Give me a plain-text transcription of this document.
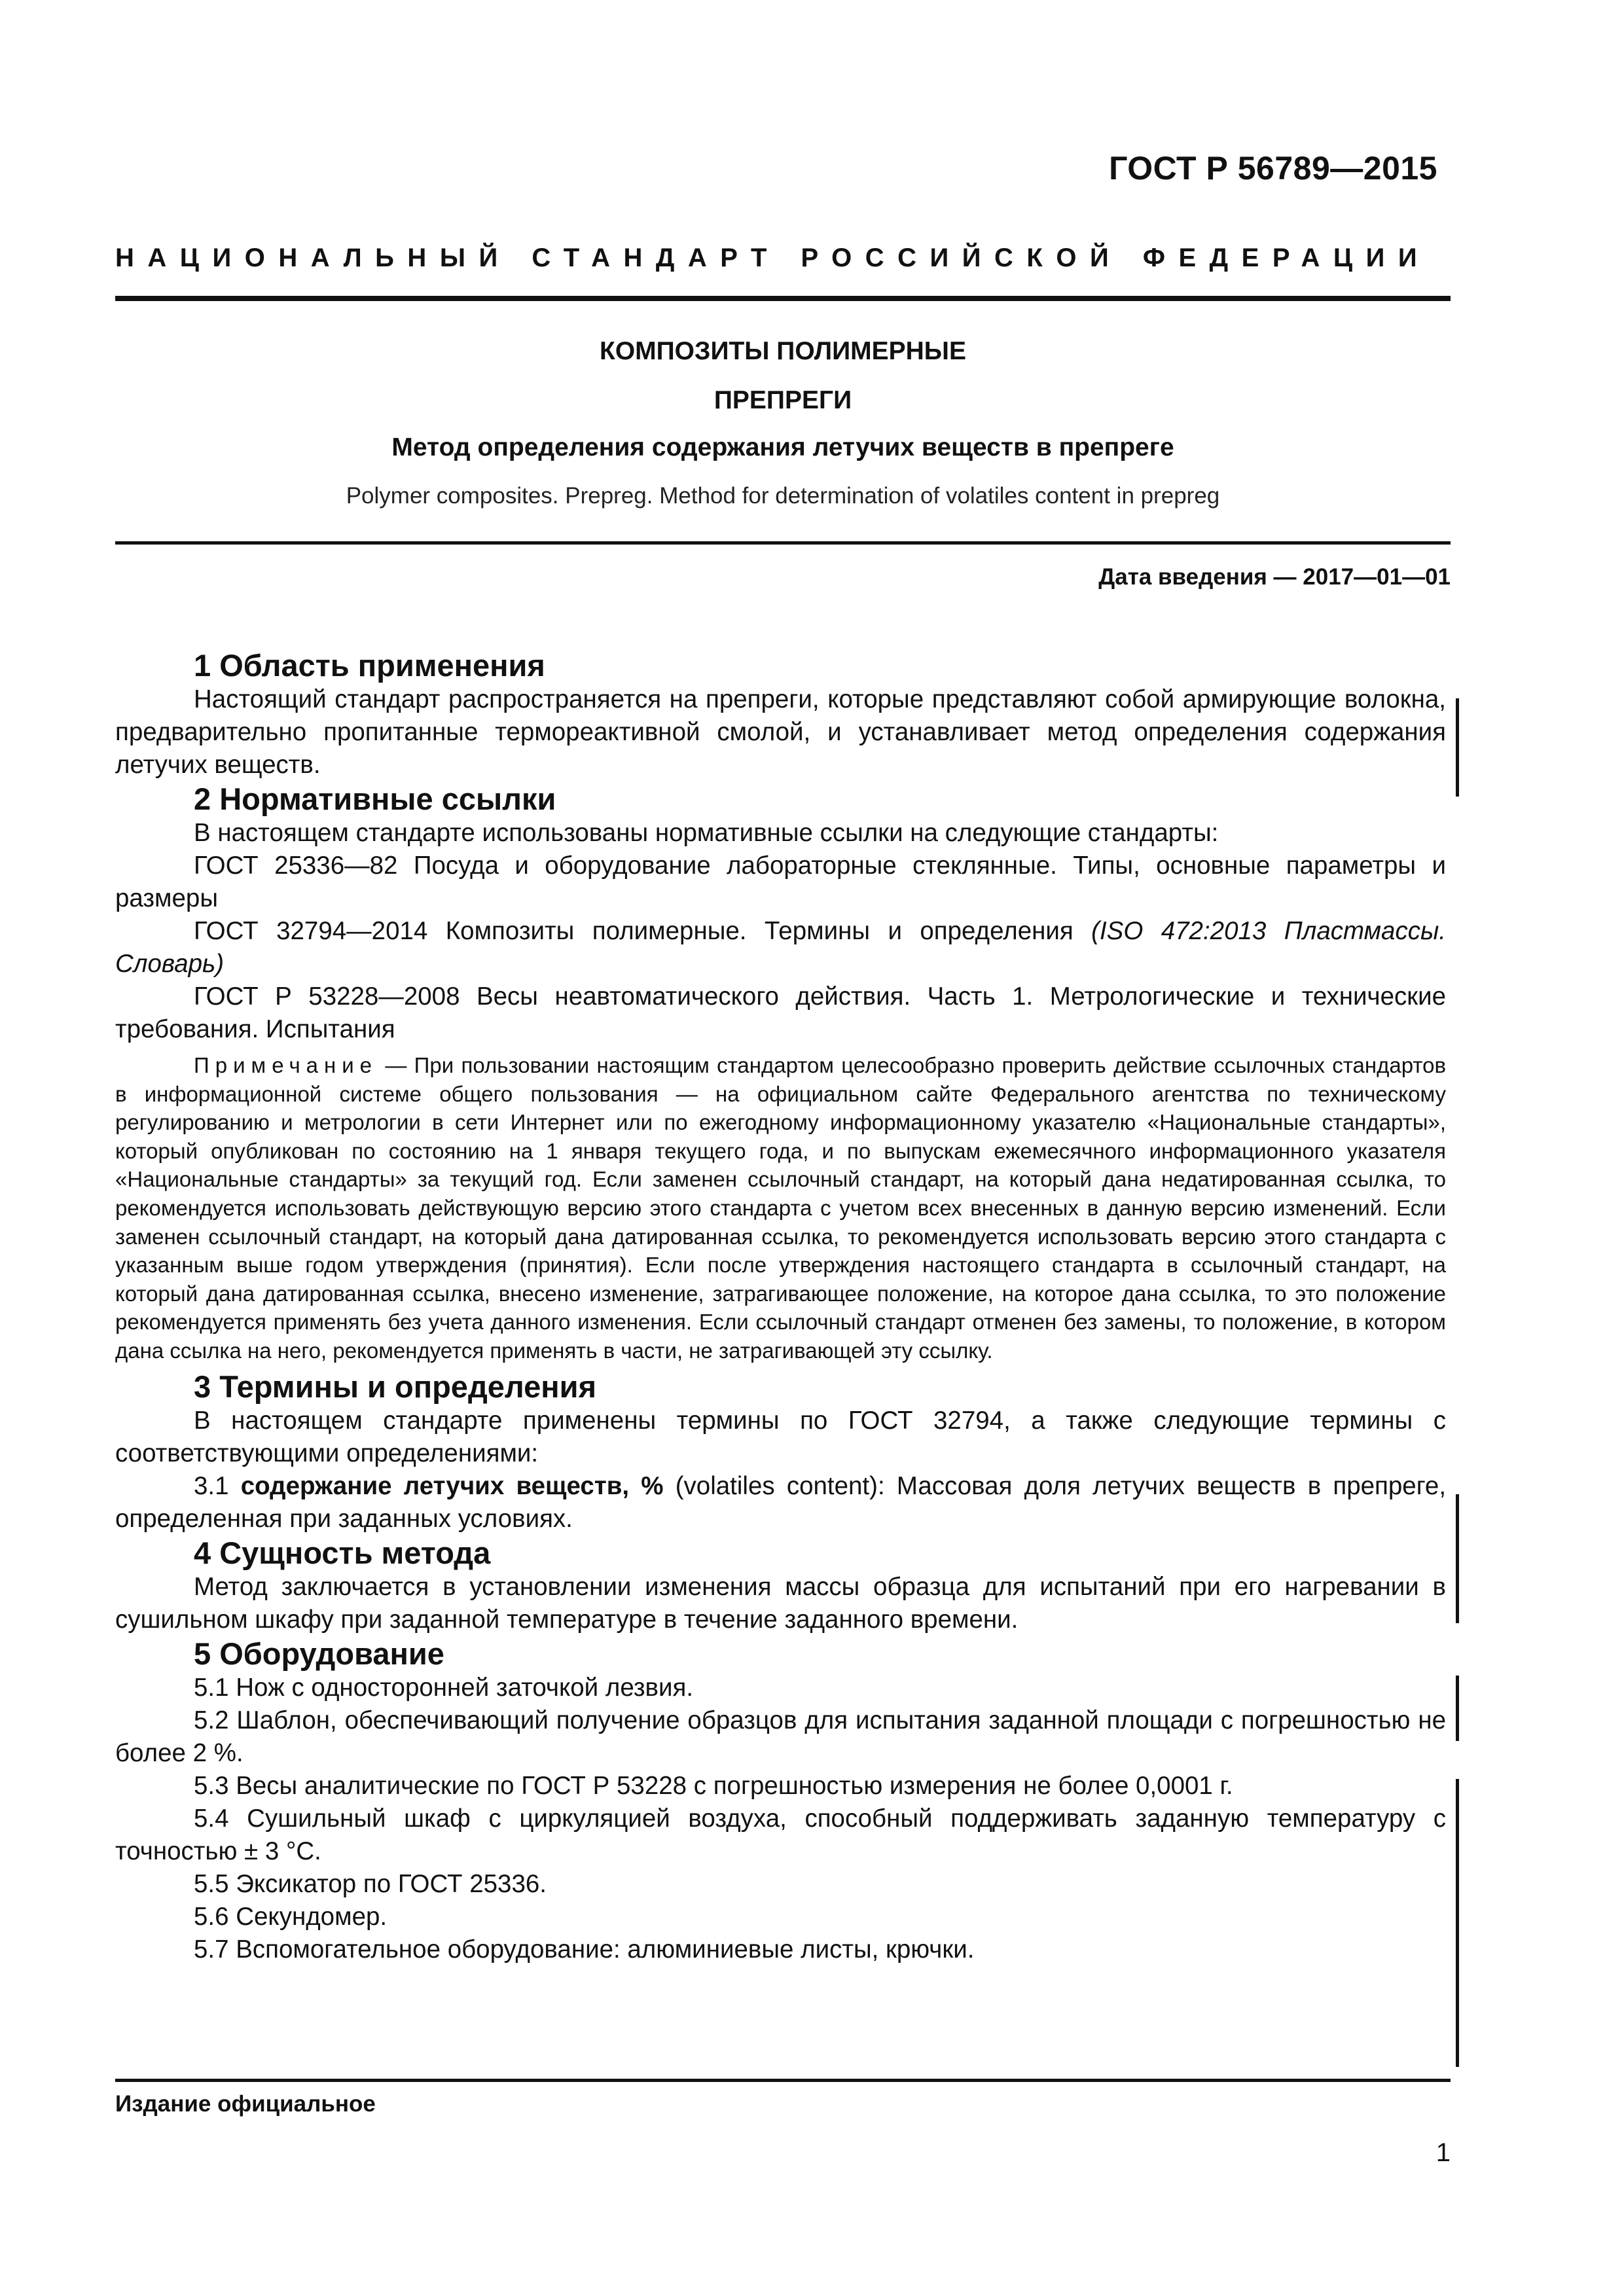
ГОСТ Р 56789—2015
НАЦИОНАЛЬНЫЙ СТАНДАРТ РОССИЙСКОЙ ФЕДЕРАЦИИ
КОМПОЗИТЫ ПОЛИМЕРНЫЕ
ПРЕПРЕГИ
Метод определения содержания летучих веществ в препреге
Polymer composites. Prepreg. Method for determination of volatiles content in prepreg
Дата введения — 2017—01—01
1 Область применения

Настоящий стандарт распространяется на препреги, которые представляют собой армирующие волокна, предварительно пропитанные термореактивной смолой, и устанавливает метод определения содержания летучих веществ.

2 Нормативные ссылки

В настоящем стандарте использованы нормативные ссылки на следующие стандарты:

ГОСТ 25336—82 Посуда и оборудование лабораторные стеклянные. Типы, основные параметры и размеры

ГОСТ 32794—2014 Композиты полимерные. Термины и определения (ISO 472:2013 Пластмассы. Словарь)

ГОСТ Р 53228—2008 Весы неавтоматического действия. Часть 1. Метрологические и технические требования. Испытания

Примечание — При пользовании настоящим стандартом целесообразно проверить действие ссылочных стандартов в информационной системе общего пользования — на официальном сайте Федерального агентства по техническому регулированию и метрологии в сети Интернет или по ежегодному информационному указателю «Национальные стандарты», который опубликован по состоянию на 1 января текущего года, и по выпускам ежемесячного информационного указателя «Национальные стандарты» за текущий год. Если заменен ссылочный стандарт, на который дана недатированная ссылка, то рекомендуется использовать действующую версию этого стандарта с учетом всех внесенных в данную версию изменений. Если заменен ссылочный стандарт, на который дана датированная ссылка, то рекомендуется использовать версию этого стандарта с указанным выше годом утверждения (принятия). Если после утверждения настоящего стандарта в ссылочный стандарт, на который дана датированная ссылка, внесено изменение, затрагивающее положение, на которое дана ссылка, то это положение рекомендуется применять без учета данного изменения. Если ссылочный стандарт отменен без замены, то положение, в котором дана ссылка на него, рекомендуется применять в части, не затрагивающей эту ссылку.

3 Термины и определения

В настоящем стандарте применены термины по ГОСТ 32794, а также следующие термины с соответствующими определениями:

3.1 содержание летучих веществ, % (volatiles content): Массовая доля летучих веществ в препреге, определенная при заданных условиях.

4 Сущность метода

Метод заключается в установлении изменения массы образца для испытаний при его нагревании в сушильном шкафу при заданной температуре в течение заданного времени.

5 Оборудование

5.1 Нож с односторонней заточкой лезвия.

5.2 Шаблон, обеспечивающий получение образцов для испытания заданной площади с погрешностью не более 2 %.

5.3 Весы аналитические по ГОСТ Р 53228 с погрешностью измерения не более 0,0001 г.

5.4 Сушильный шкаф с циркуляцией воздуха, способный поддерживать заданную температуру с точностью ± 3 °С.

5.5 Эксикатор по ГОСТ 25336.

5.6 Секундомер.

5.7 Вспомогательное оборудование: алюминиевые листы, крючки.

Издание официальное
1
